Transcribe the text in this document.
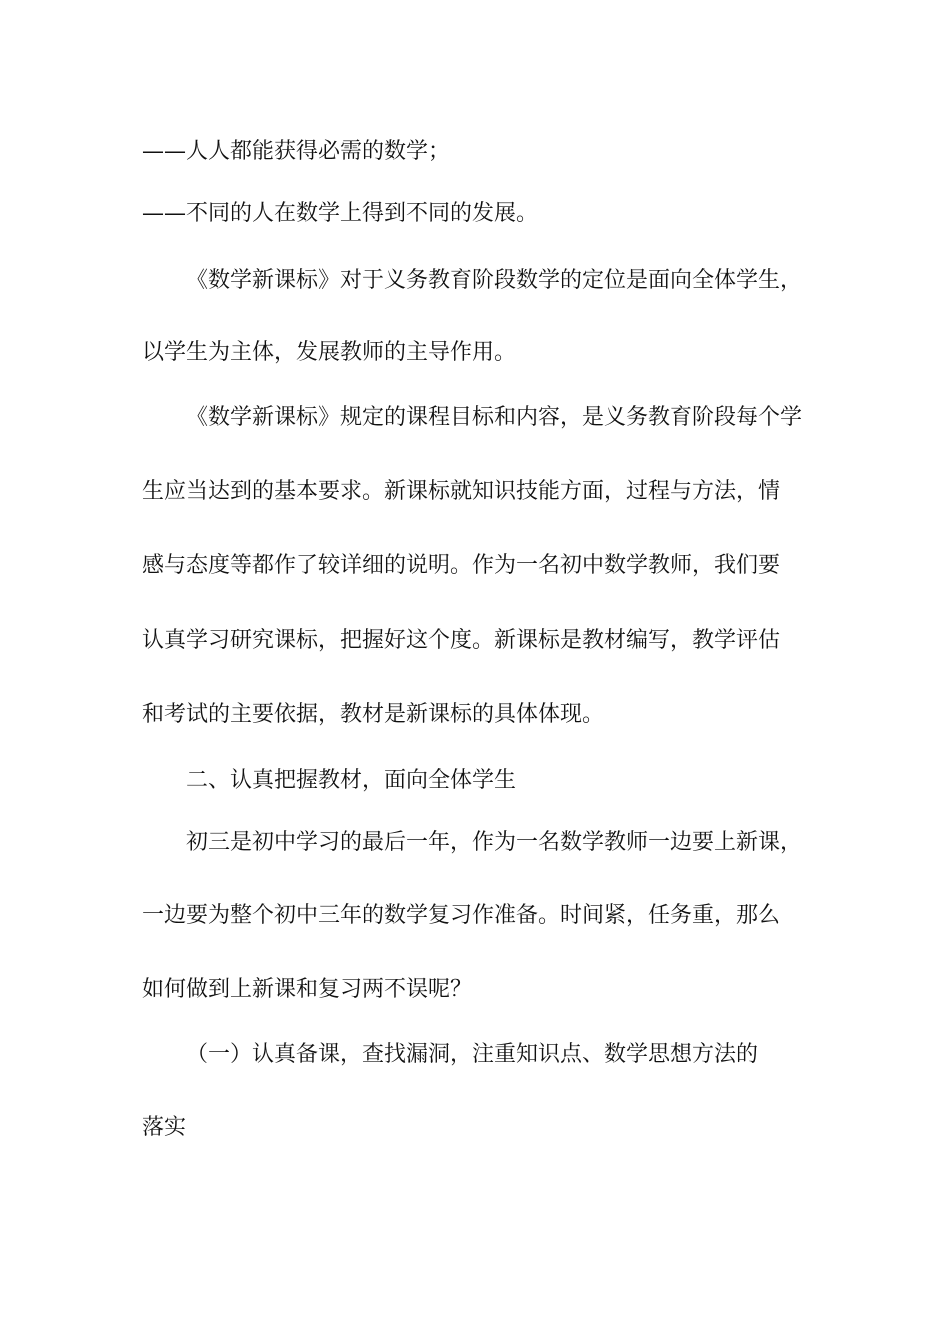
——人人都能获得必需的数学；
——不同的人在数学上得到不同的发展。
《数学新课标》对于义务教育阶段数学的定位是面向全体学生，
以学生为主体，发展教师的主导作用。
《数学新课标》规定的课程目标和内容，是义务教育阶段每个学
生应当达到的基本要求。新课标就知识技能方面，过程与方法，情
感与态度等都作了较详细的说明。作为一名初中数学教师，我们要
认真学习研究课标，把握好这个度。新课标是教材编写，教学评估
和考试的主要依据，教材是新课标的具体体现。
二、认真把握教材，面向全体学生
初三是初中学习的最后一年，作为一名数学教师一边要上新课，
一边要为整个初中三年的数学复习作准备。时间紧，任务重，那么
如何做到上新课和复习两不误呢？
（一）认真备课，查找漏洞，注重知识点、数学思想方法的
落实
